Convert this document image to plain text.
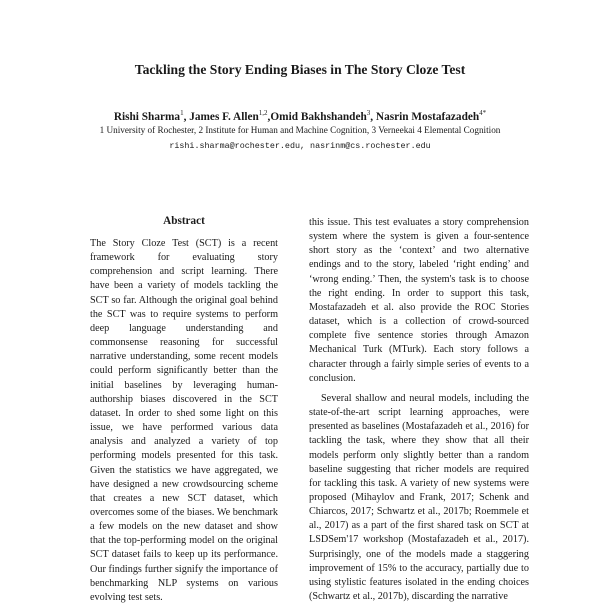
Tackling the Story Ending Biases in The Story Cloze Test
Rishi Sharma$^1$, James F. Allen$^{1,2}$,Omid Bakhshandeh$^3$, Nasrin Mostafazadeh$^{4*}$
1 University of Rochester, 2 Institute for Human and Machine Cognition, 3 Verneekai 4 Elemental Cognition
rishi.sharma@rochester.edu, nasrinm@cs.rochester.edu
Abstract

The Story Cloze Test (SCT) is a recent framework for evaluating story comprehension and script learning. There have been a variety of models tackling the SCT so far. Although the original goal behind the SCT was to require systems to perform deep language understanding and commonsense reasoning for successful narrative understanding, some recent models could perform significantly better than the initial baselines by leveraging human-authorship biases discovered in the SCT dataset. In order to shed some light on this issue, we have performed various data analysis and analyzed a variety of top performing models presented for this task. Given the statistics we have aggregated, we have designed a new crowdsourcing scheme that creates a new SCT dataset, which overcomes some of the biases. We benchmark a few models on the new dataset and show that the top-performing model on the original SCT dataset fails to keep up its performance. Our findings further signify the importance of benchmarking NLP systems on various evolving test sets.

this issue. This test evaluates a story comprehension system where the system is given a four-sentence short story as the ‘context’ and two alternative endings and to the story, labeled ‘right ending’ and ‘wrong ending.’ Then, the system's task is to choose the right ending. In order to support this task, Mostafazadeh et al. also provide the ROC Stories dataset, which is a collection of crowd-sourced complete five sentence stories through Amazon Mechanical Turk (MTurk). Each story follows a character through a fairly simple series of events to a conclusion.

Several shallow and neural models, including the state-of-the-art script learning approaches, were presented as baselines (Mostafazadeh et al., 2016) for tackling the task, where they show that all their models perform only slightly better than a random baseline suggesting that richer models are required for tackling this task. A variety of new systems were proposed (Mihaylov and Frank, 2017; Schenk and Chiarcos, 2017; Schwartz et al., 2017b; Roemmele et al., 2017) as a part of the first shared task on SCT at LSDSem'17 workshop (Mostafazadeh et al., 2017). Surprisingly, one of the models made a staggering improvement of 15% to the accuracy, partially due to using stylistic features isolated in the ending choices (Schwartz et al., 2017b), discarding the narrative
